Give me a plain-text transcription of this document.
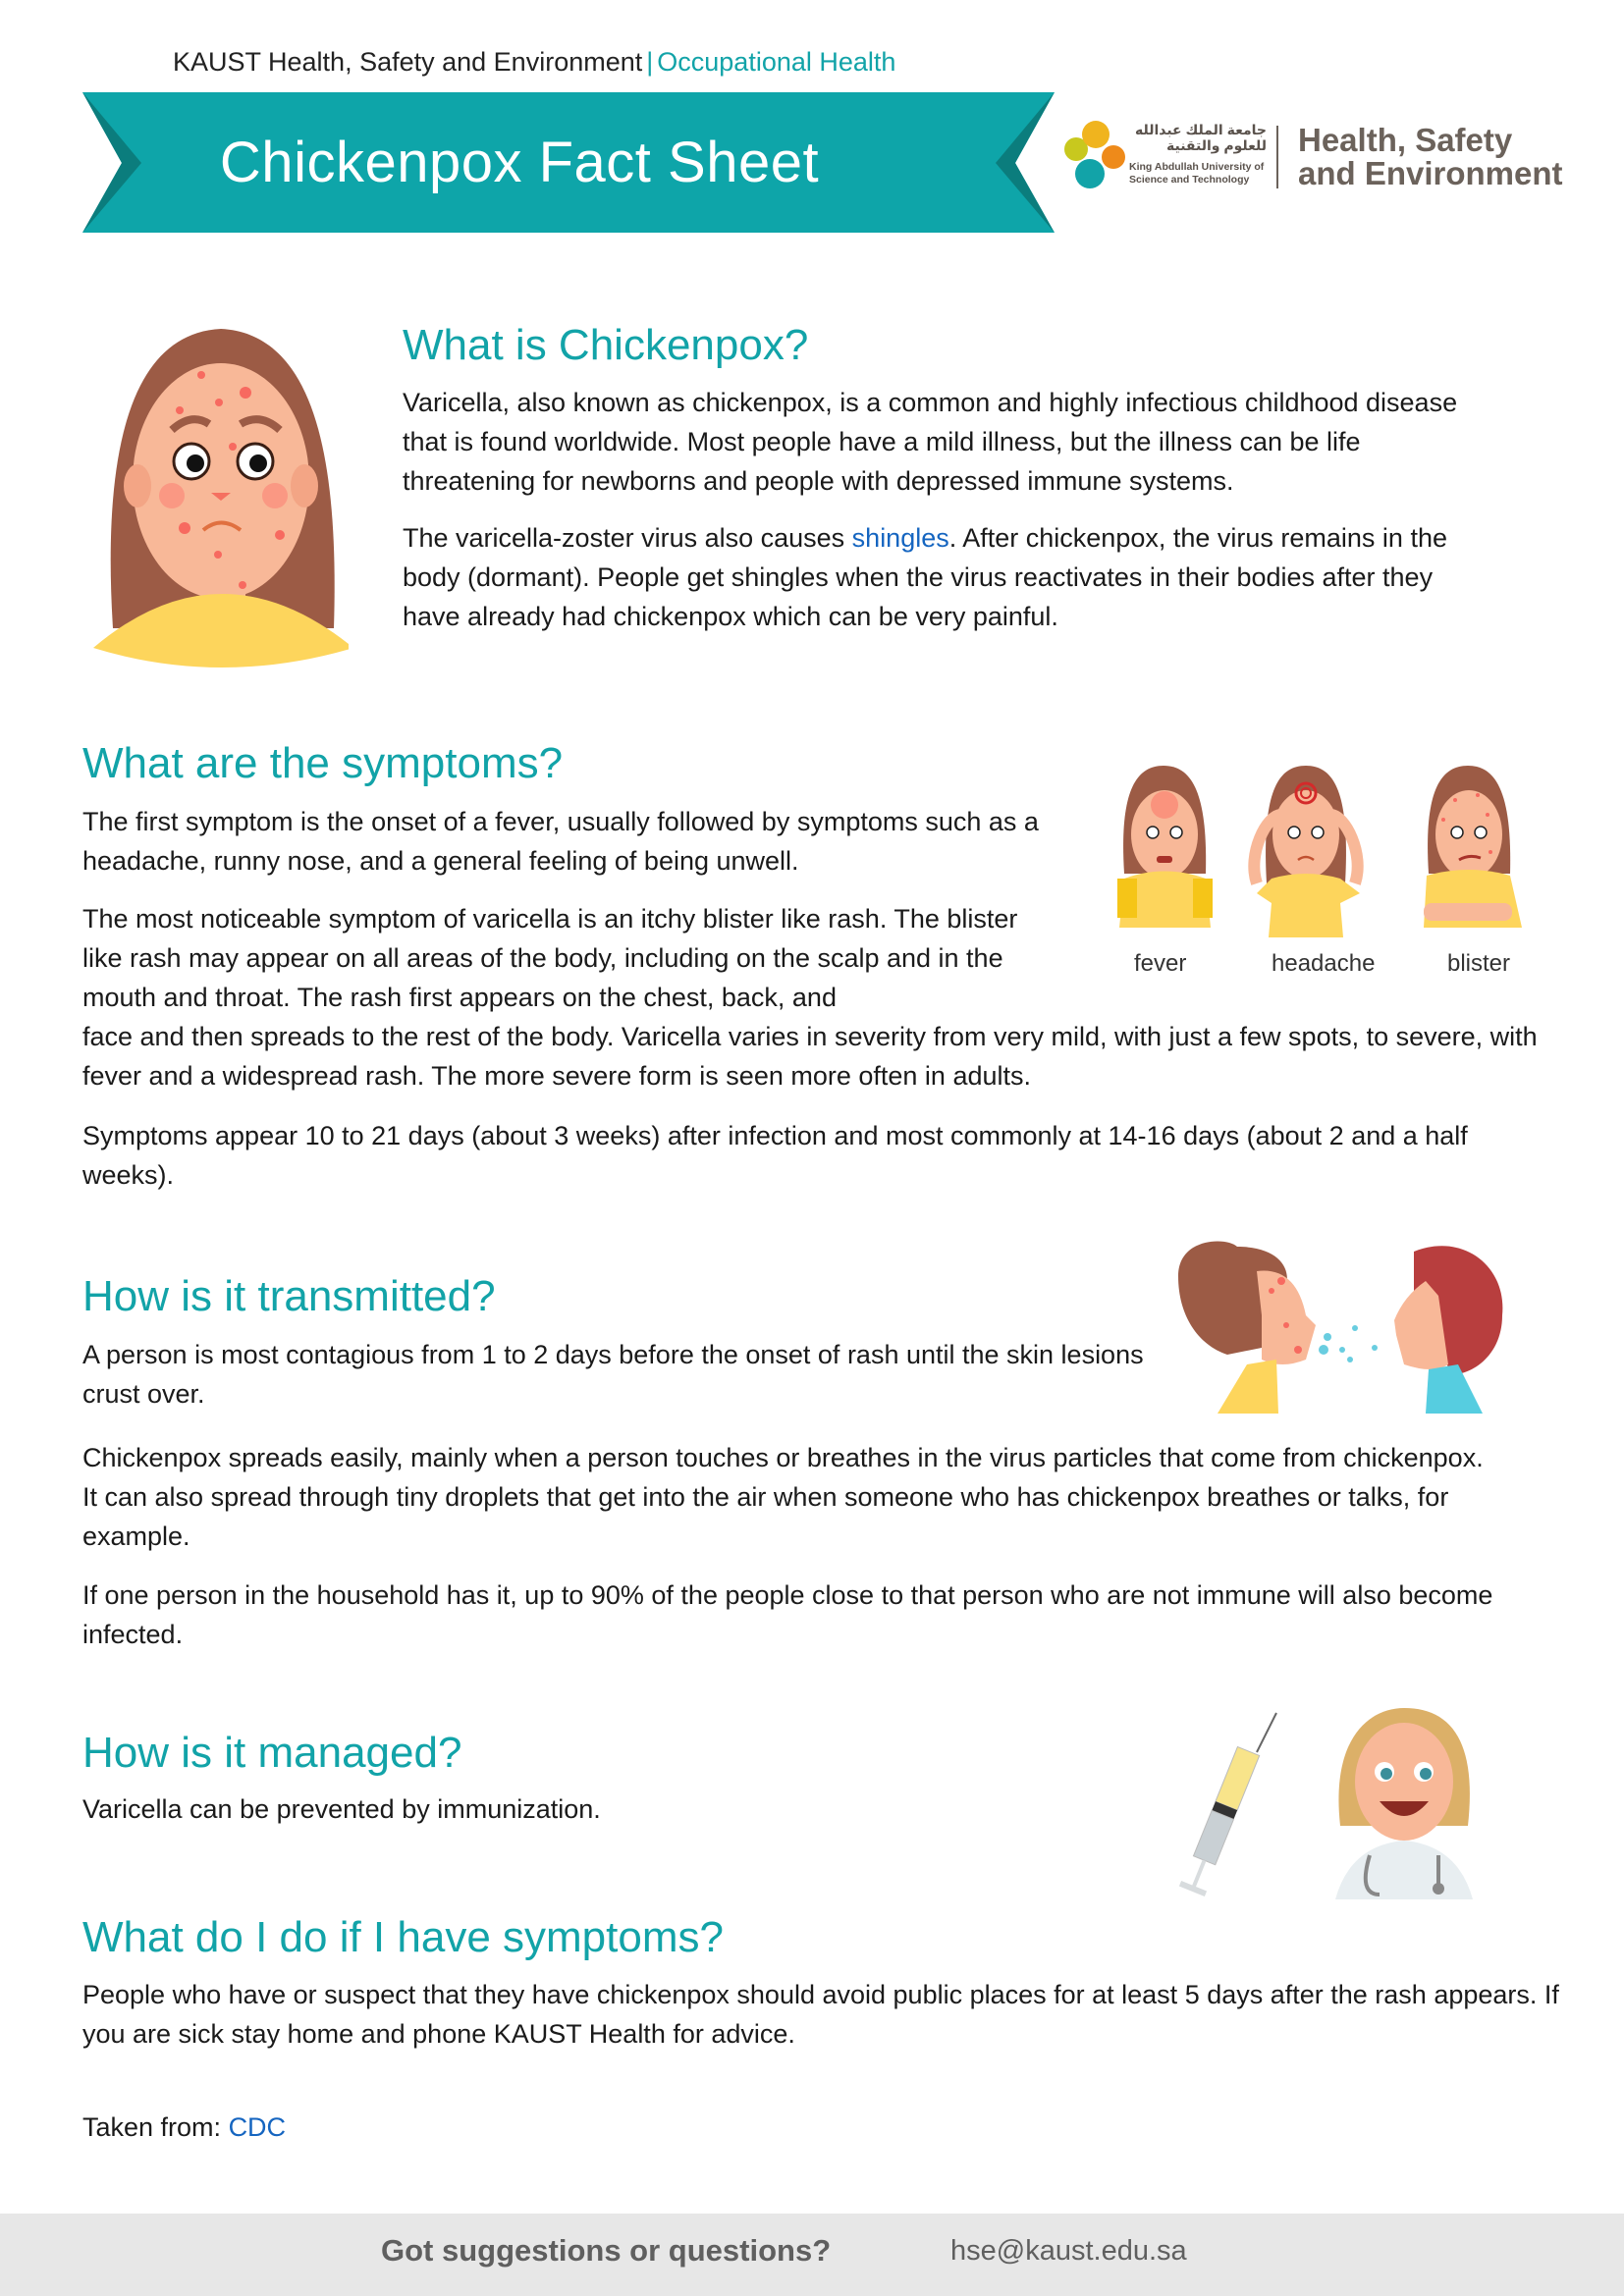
KAUST Health, Safety and Environment | Occupational Health
Chickenpox Fact Sheet
جامعة الملك عبدالله
للعلوم والتقنية
King Abdullah University of Science and Technology
Health, Safety
and Environment
What is Chickenpox?
Varicella, also known as chickenpox, is a common and highly infectious childhood disease that is found worldwide. Most people have a mild illness, but the illness can be life threatening for newborns and people with depressed immune systems.
The varicella-zoster virus also causes shingles. After chickenpox, the virus remains in the body (dormant). People get shingles when the virus reactivates in their bodies after they have already had chickenpox which can be very painful.
What are the symptoms?
The first symptom is the onset of a fever, usually followed by symptoms such as a headache, runny nose, and a general feeling of being unwell.
The most noticeable symptom of varicella is an itchy blister like rash. The blister like rash may appear on all areas of the body, including on the scalp and in the mouth and throat. The rash first appears on the chest, back, and
face and then spreads to the rest of the body. Varicella varies in severity from very mild, with just a few spots, to severe, with fever and a widespread rash. The more severe form is seen more often in adults.
Symptoms appear 10 to 21 days (about 3 weeks) after infection and most commonly at 14-16 days (about 2 and a half weeks).
fever	headache	blister
How is it transmitted?
A person is most contagious from 1 to 2 days before the onset of rash until the skin lesions crust over.
Chickenpox spreads easily, mainly when a person touches or breathes in the virus particles that come from chickenpox. It can also spread through tiny droplets that get into the air when someone who has chickenpox breathes or talks, for example.
If one person in the household has it, up to 90% of the people close to that person who are not immune will also become infected.
How is it managed?
Varicella can be prevented by immunization.
What do I do if I have symptoms?
People who have or suspect that they have chickenpox should avoid public places for at least 5 days after the rash appears. If you are sick stay home and phone KAUST Health for advice.
Taken from: CDC
Got suggestions or questions?	hse@kaust.edu.sa
